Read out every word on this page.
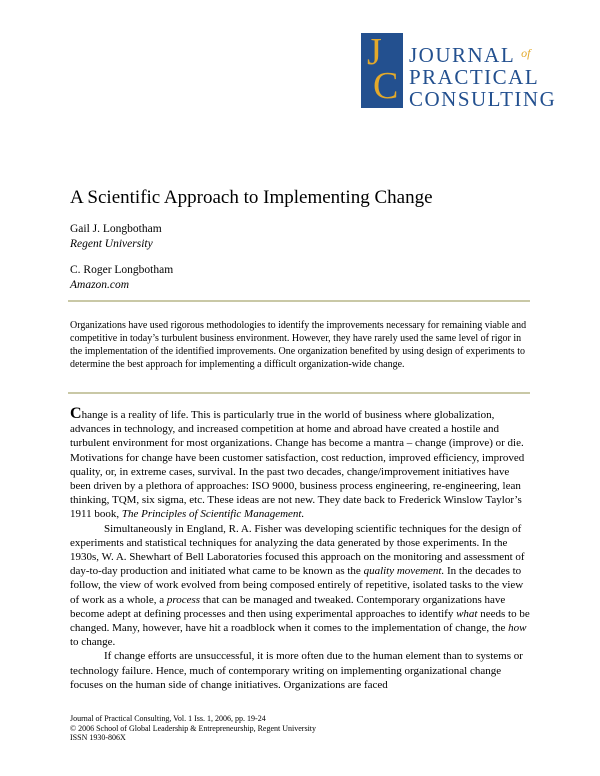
J
C
JOURNAL $^{of}$
PRACTICAL
CONSULTING
A Scientific Approach to Implementing Change
Gail J. Longbotham
Regent University
C. Roger Longbotham
Amazon.com

Organizations have used rigorous methodologies to identify the improvements necessary for remaining viable and competitive in today’s turbulent business environment. However, they have rarely used the same level of rigor in the implementation of the identified improvements. One organization benefited by using design of experiments to determine the best approach for implementing a difficult organization-wide change.

Change is a reality of life. This is particularly true in the world of business where globalization, advances in technology, and increased competition at home and abroad have created a hostile and turbulent environment for most organizations. Change has become a mantra – change (improve) or die. Motivations for change have been customer satisfaction, cost reduction, improved efficiency, improved quality, or, in extreme cases, survival. In the past two decades, change/improvement initiatives have been driven by a plethora of approaches: ISO 9000, business process engineering, re-engineering, lean thinking, TQM, six sigma, etc. These ideas are not new. They date back to Frederick Winslow Taylor’s 1911 book, The Principles of Scientific Management.

Simultaneously in England, R. A. Fisher was developing scientific techniques for the design of experiments and statistical techniques for analyzing the data generated by those experiments. In the 1930s, W. A. Shewhart of Bell Laboratories focused this approach on the monitoring and assessment of day-to-day production and initiated what came to be known as the quality movement. In the decades to follow, the view of work evolved from being composed entirely of repetitive, isolated tasks to the view of work as a whole, a process that can be managed and tweaked. Contemporary organizations have become adept at defining processes and then using experimental approaches to identify what needs to be changed. Many, however, have hit a roadblock when it comes to the implementation of change, the how to change.

If change efforts are unsuccessful, it is more often due to the human element than to systems or technology failure. Hence, much of contemporary writing on implementing organizational change focuses on the human side of change initiatives. Organizations are faced

Journal of Practical Consulting, Vol. 1 Iss. 1, 2006, pp. 19-24
© 2006 School of Global Leadership & Entrepreneurship, Regent University
ISSN 1930-806X
